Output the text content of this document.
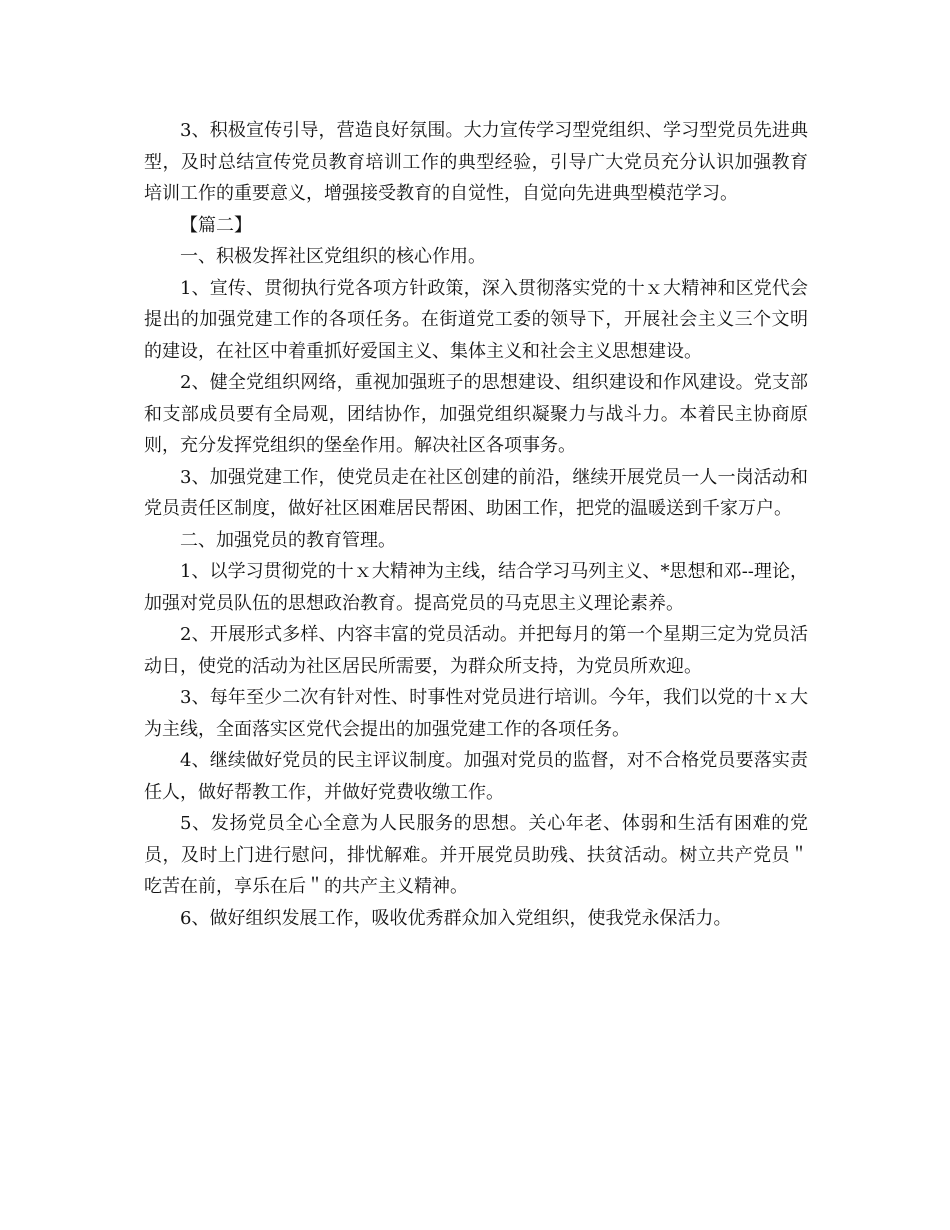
3、积极宣传引导，营造良好氛围。大力宣传学习型党组织、学习型党员先进典型，及时总结宣传党员教育培训工作的典型经验，引导广大党员充分认识加强教育培训工作的重要意义，增强接受教育的自觉性，自觉向先进典型模范学习。

【篇二】

一、积极发挥社区党组织的核心作用。

1、宣传、贯彻执行党各项方针政策，深入贯彻落实党的十ｘ大精神和区党代会提出的加强党建工作的各项任务。在街道党工委的领导下，开展社会主义三个文明的建设，在社区中着重抓好爱国主义、集体主义和社会主义思想建设。

2、健全党组织网络，重视加强班子的思想建设、组织建设和作风建设。党支部和支部成员要有全局观，团结协作，加强党组织凝聚力与战斗力。本着民主协商原则，充分发挥党组织的堡垒作用。解决社区各项事务。

3、加强党建工作，使党员走在社区创建的前沿，继续开展党员一人一岗活动和党员责任区制度，做好社区困难居民帮困、助困工作，把党的温暖送到千家万户。

二、加强党员的教育管理。

1、以学习贯彻党的十ｘ大精神为主线，结合学习马列主义、*思想和邓--理论，加强对党员队伍的思想政治教育。提高党员的马克思主义理论素养。

2、开展形式多样、内容丰富的党员活动。并把每月的第一个星期三定为党员活动日，使党的活动为社区居民所需要，为群众所支持，为党员所欢迎。

3、每年至少二次有针对性、时事性对党员进行培训。今年，我们以党的十ｘ大为主线，全面落实区党代会提出的加强党建工作的各项任务。

4、继续做好党员的民主评议制度。加强对党员的监督，对不合格党员要落实责任人，做好帮教工作，并做好党费收缴工作。

5、发扬党员全心全意为人民服务的思想。关心年老、体弱和生活有困难的党员，及时上门进行慰问，排忧解难。并开展党员助残、扶贫活动。树立共产党员＂吃苦在前，享乐在后＂的共产主义精神。

6、做好组织发展工作，吸收优秀群众加入党组织，使我党永保活力。
